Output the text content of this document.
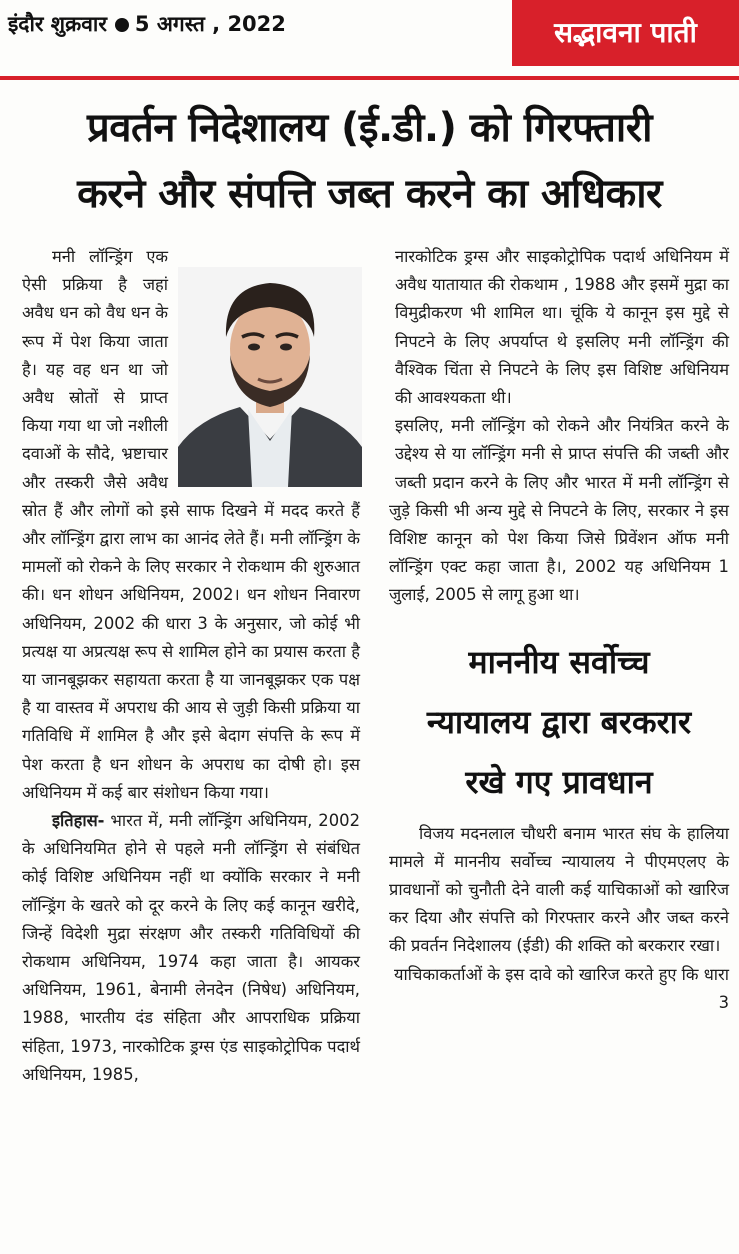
इंदौर शुक्रवार 5 अगस्त , 2022	सद्भावना पाती
प्रवर्तन निदेशालय (ई.डी.) को गिरफ्तारी
करने और संपत्ति जब्त करने का अधिकार

मनी लॉन्ड्रिंग एक ऐसी प्रक्रिया है जहां अवैध धन को वैध धन के रूप में पेश किया जाता है। यह वह धन था जो अवैध स्रोतों से प्राप्त किया गया था जो नशीली दवाओं के सौदे, भ्रष्टाचार और तस्करी जैसे अवैध स्रोत हैं और लोगों को इसे साफ दिखने में मदद करते हैं और लॉन्ड्रिंग द्वारा लाभ का आनंद लेते हैं। मनी लॉन्ड्रिंग के मामलों को रोकने के लिए सरकार ने रोकथाम की शुरुआत की। धन शोधन अधिनियम, 2002। धन शोधन निवारण अधिनियम, 2002 की धारा 3 के अनुसार, जो कोई भी प्रत्यक्ष या अप्रत्यक्ष रूप से शामिल होने का प्रयास करता है या जानबूझकर सहायता करता है या जानबूझकर एक पक्ष है या वास्तव में अपराध की आय से जुड़ी किसी प्रक्रिया या गतिविधि में शामिल है और इसे बेदाग संपत्ति के रूप में पेश करता है धन शोधन के अपराध का दोषी हो। इस अधिनियम में कई बार संशोधन किया गया।

इतिहास- भारत में, मनी लॉन्ड्रिंग अधिनियम, 2002 के अधिनियमित होने से पहले मनी लॉन्ड्रिंग से संबंधित कोई विशिष्ट अधिनियम नहीं था क्योंकि सरकार ने मनी लॉन्ड्रिंग के खतरे को दूर करने के लिए कई कानून खरीदे, जिन्हें विदेशी मुद्रा संरक्षण और तस्करी गतिविधियों की रोकथाम अधिनियम, 1974 कहा जाता है। आयकर अधिनियम, 1961, बेनामी लेनदेन (निषेध) अधिनियम, 1988, भारतीय दंड संहिता और आपराधिक प्रक्रिया संहिता, 1973, नारकोटिक ड्रग्स एंड साइकोट्रोपिक पदार्थ अधिनियम, 1985,

नारकोटिक ड्रग्स और साइकोट्रोपिक पदार्थ अधिनियम में अवैध यातायात की रोकथाम , 1988 और इसमें मुद्रा का विमुद्रीकरण भी शामिल था। चूंकि ये कानून इस मुद्दे से निपटने के लिए अपर्याप्त थे इसलिए मनी लॉन्ड्रिंग की वैश्विक चिंता से निपटने के लिए इस विशिष्ट अधिनियम की आवश्यकता थी।

इसलिए, मनी लॉन्ड्रिंग को रोकने और नियंत्रित करने के उद्देश्य से या लॉन्ड्रिंग मनी से प्राप्त संपत्ति की जब्ती और जब्ती प्रदान करने के लिए और भारत में मनी लॉन्ड्रिंग से जुड़े किसी भी अन्य मुद्दे से निपटने के लिए, सरकार ने इस विशिष्ट कानून को पेश किया जिसे प्रिवेंशन ऑफ मनी लॉन्ड्रिंग एक्ट कहा जाता है।, 2002 यह अधिनियम 1 जुलाई, 2005 से लागू हुआ था।

माननीय सर्वोच्च
न्यायालय द्वारा बरकरार
रखे गए प्रावधान

विजय मदनलाल चौधरी बनाम भारत संघ के हालिया मामले में माननीय सर्वोच्च न्यायालय ने पीएमएलए के प्रावधानों को चुनौती देने वाली कई याचिकाओं को खारिज कर दिया और संपत्ति को गिरफ्तार करने और जब्त करने की प्रवर्तन निदेशालय (ईडी) की शक्ति को बरकरार रखा।

याचिकाकर्ताओं के इस दावे को खारिज करते हुए कि धारा 3
